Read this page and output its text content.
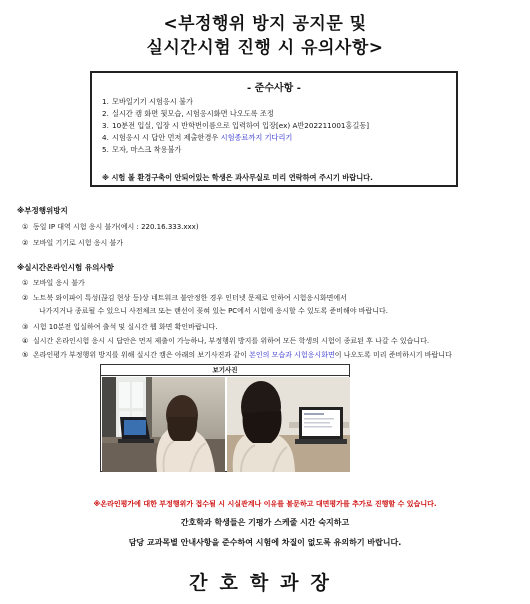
<부정행위 방지 공지문 및
실시간시험 진행 시 유의사항>
- 준수사항 -
1. 모바일기기 시험응시 불가
2. 실시간 캠 화면 뒷모습, 시험응시화면 나오도록 조정
3. 10분전 입실, 입장 시 반학번이름으로 입력하여 입장[ex) A반202211001홍길동]
4. 시험응시 시 답안 먼저 제출한경우 시험종료까지 기다리기
5. 모자, 마스크 착용불가
※ 시험 볼 환경구축이 안되어있는 학생은 과사무실로 미리 연락하여 주시기 바랍니다.
※부정행위방지
① 동일 IP 대역 시험 응시 불가(예시 : 220.16.333.xxx)
② 모바일 기기로 시험 응시 불가
※실시간온라인시험 유의사항
① 모바일 응시 불가
② 노트북 와이파이 특성(끊김 현상 등)상 네트워크 불안정한 경우 인터넷 문제로 인하여 시험응시화면에서
나가지거나 종료될 수 있으니 사전체크 또는 랜선이 꽂혀 있는 PC에서 시험에 응시할 수 있도록 준비해야 바랍니다.
③ 시험 10분전 입실하여 출석 및 실시간 웹 화면 확인바랍니다.
④ 실시간 온라인시험 응시 시 답안은 먼저 제출이 가능하나, 부정행위 방지를 위하여 모든 학생의 시험이 종료된 후 나갈 수 있습니다.
⑤ 온라인평가 부정행위 방지를 위해 실시간 캠은 아래의 보기사진과 같이 본인의 모습과 시험응시화면이 나오도록 미리 준비하시기 바랍니다
보기사진
※온라인평가에 대한 부정행위가 접수될 시 시실관계나 이유를 불문하고 대면평가를 추가로 진행할 수 있습니다.
간호학과 학생들은 기평가 스케줄 시간 숙지하고
담당 교과목별 안내사항을 준수하여 시험에 차질이 없도록 유의하기 바랍니다.
간호학과장
